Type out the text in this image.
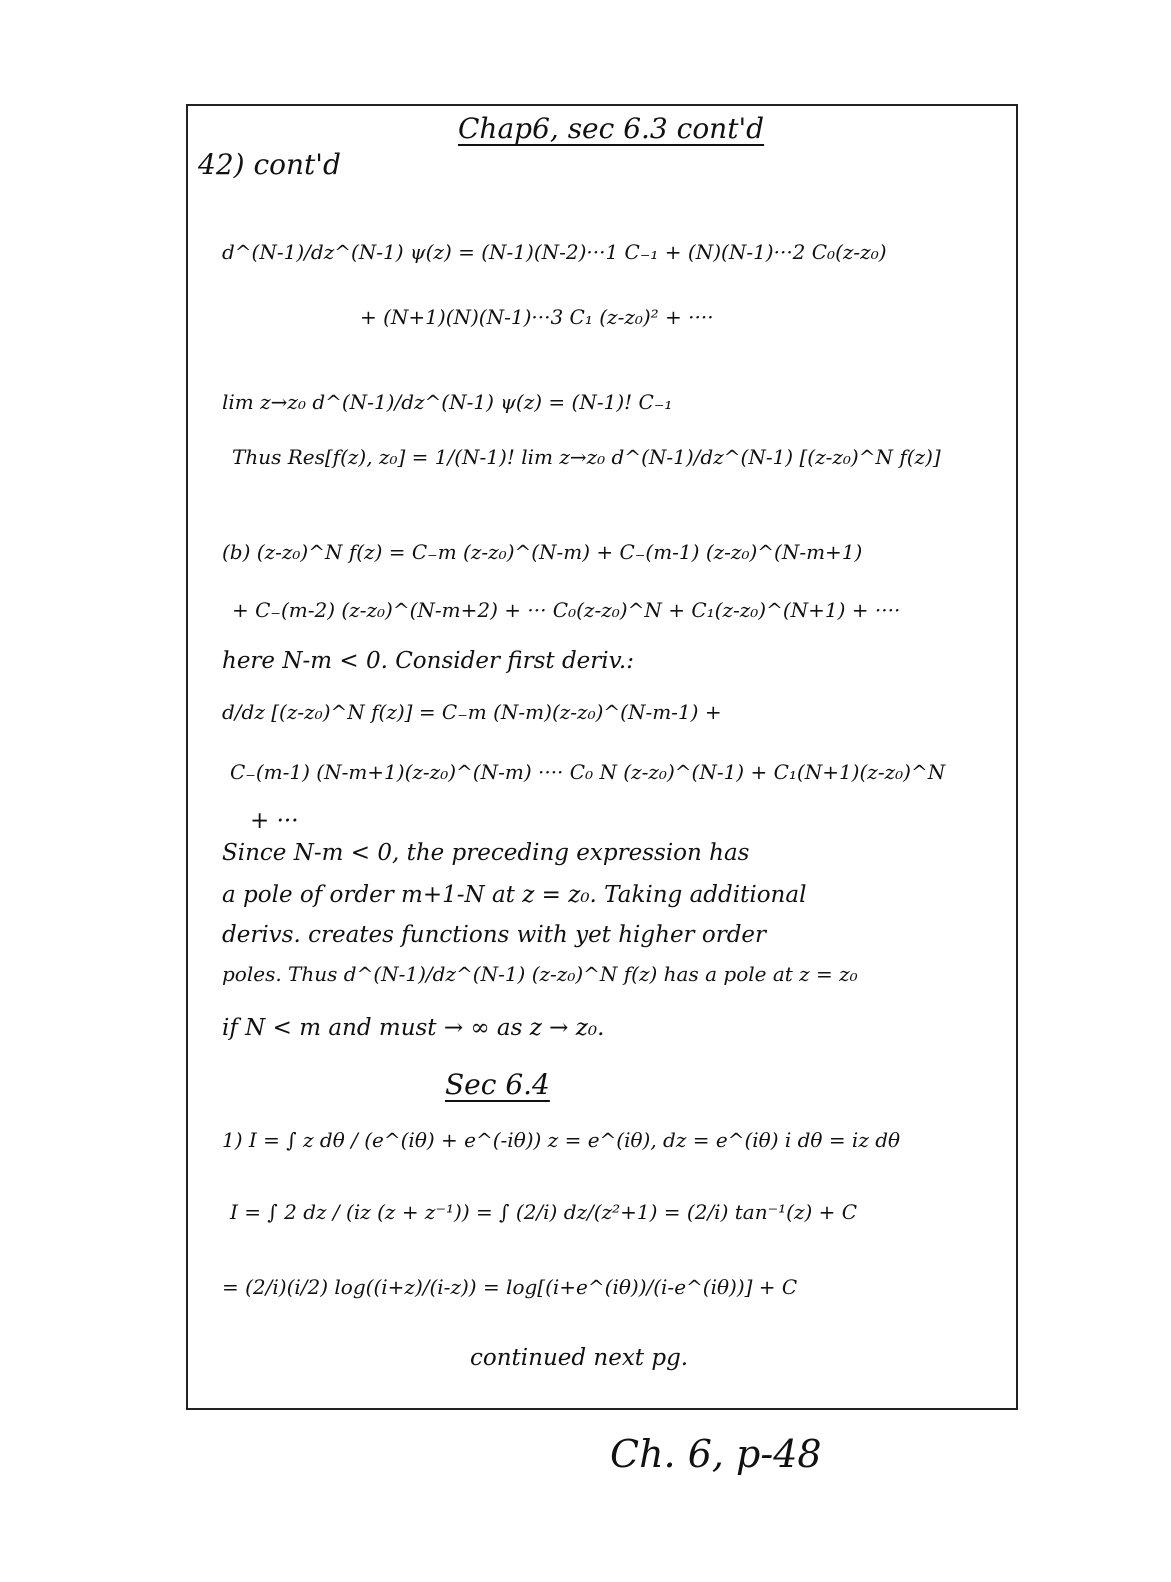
Chap6, sec 6.3 cont'd
42) cont'd
d^(N-1)/dz^(N-1) ψ(z) = (N-1)(N-2)···1 C₋₁ + (N)(N-1)···2 C₀(z-z₀)
+ (N+1)(N)(N-1)···3 C₁ (z-z₀)² + ····
lim z→z₀ d^(N-1)/dz^(N-1) ψ(z) = (N-1)! C₋₁
Thus Res[f(z), z₀] = 1/(N-1)! lim z→z₀ d^(N-1)/dz^(N-1) [(z-z₀)^N f(z)]
(b) (z-z₀)^N f(z) = C₋m (z-z₀)^(N-m) + C₋(m-1) (z-z₀)^(N-m+1)
+ C₋(m-2) (z-z₀)^(N-m+2) + ··· C₀(z-z₀)^N + C₁(z-z₀)^(N+1) + ····
here N-m < 0. Consider first deriv.:
d/dz [(z-z₀)^N f(z)] = C₋m (N-m)(z-z₀)^(N-m-1) +
C₋(m-1) (N-m+1)(z-z₀)^(N-m) ···· C₀ N (z-z₀)^(N-1) + C₁(N+1)(z-z₀)^N
+ ···
Since N-m < 0, the preceding expression has
a pole of order m+1-N at z = z₀. Taking additional
derivs. creates functions with yet higher order
poles. Thus d^(N-1)/dz^(N-1) (z-z₀)^N f(z) has a pole at z = z₀
if N < m and must → ∞ as z → z₀.
Sec 6.4
1) I = ∫ z dθ / (e^(iθ) + e^(-iθ)) z = e^(iθ), dz = e^(iθ) i dθ = iz dθ
I = ∫ 2 dz / (iz (z + z⁻¹)) = ∫ (2/i) dz/(z²+1) = (2/i) tan⁻¹(z) + C
= (2/i)(i/2) log((i+z)/(i-z)) = log[(i+e^(iθ))/(i-e^(iθ))] + C
continued next pg.
Ch. 6, p-48
